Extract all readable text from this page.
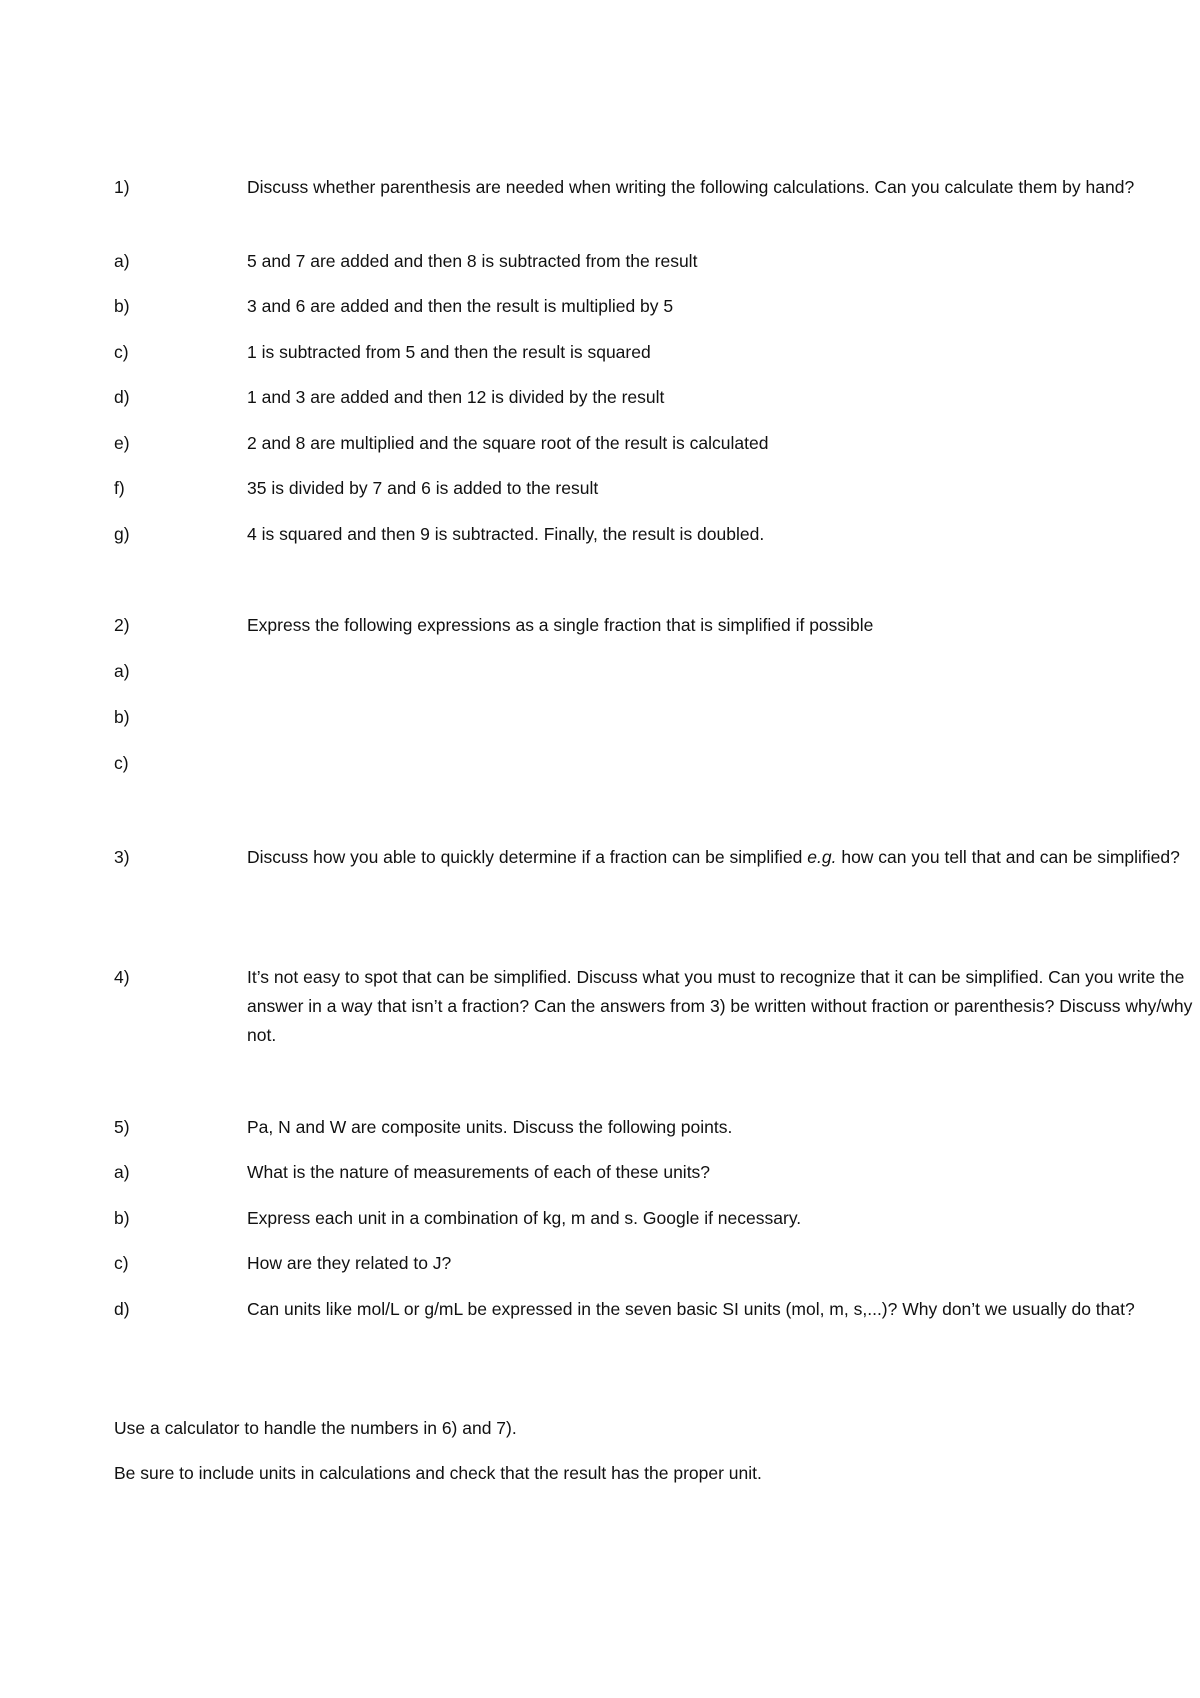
1)	Discuss whether parenthesis are needed when writing the following calculations. Can you calculate them by hand?
a)	5 and 7 are added and then 8 is subtracted from the result
b)	3 and 6 are added and then the result is multiplied by 5
c)	1 is subtracted from 5 and then the result is squared
d)	1 and 3 are added and then 12 is divided by the result
e)	2 and 8 are multiplied and the square root of the result is calculated
f)	35 is divided by 7 and 6 is added to the result
g)	4 is squared and then 9 is subtracted. Finally, the result is doubled.
2)	Express the following expressions as a single fraction that is simplified if possible
a)
b)
c)
3)	Discuss how you able to quickly determine if a fraction can be simplified e.g. how can you tell that and can be simplified?
4)	It’s not easy to spot that can be simplified. Discuss what you must to recognize that it can be simplified. Can you write the answer in a way that isn’t a fraction? Can the answers from 3) be written without fraction or parenthesis? Discuss why/why not.
5)	Pa, N and W are composite units. Discuss the following points.
a)	What is the nature of measurements of each of these units?
b)	Express each unit in a combination of kg, m and s. Google if necessary.
c)	How are they related to J?
d)	Can units like mol/L or g/mL be expressed in the seven basic SI units (mol, m, s,...)? Why don’t we usually do that?
Use a calculator to handle the numbers in 6) and 7).
Be sure to include units in calculations and check that the result has the proper unit.
